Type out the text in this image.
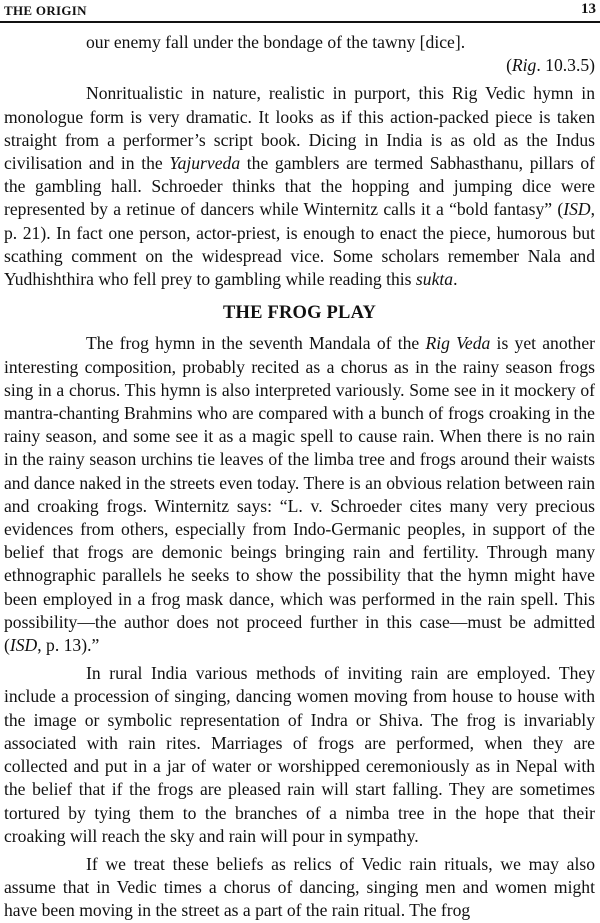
THE ORIGIN	13

our enemy fall under the bondage of the tawny [dice].

(Rig. 10.3.5)

Nonritualistic in nature, realistic in purport, this Rig Vedic hymn in monologue form is very dramatic. It looks as if this action-packed piece is taken straight from a performer’s script book. Dicing in India is as old as the Indus civilisation and in the Yajurveda the gamblers are termed Sabhasthanu, pillars of the gambling hall. Schroeder thinks that the hopping and jumping dice were represented by a retinue of dancers while Winternitz calls it a “bold fantasy” (ISD, p. 21). In fact one person, actor-priest, is enough to enact the piece, humorous but scathing comment on the widespread vice. Some scholars remember Nala and Yudhishthira who fell prey to gambling while reading this sukta.

THE FROG PLAY

The frog hymn in the seventh Mandala of the Rig Veda is yet another interesting composition, probably recited as a chorus as in the rainy season frogs sing in a chorus. This hymn is also interpreted variously. Some see in it mockery of mantra-chanting Brahmins who are compared with a bunch of frogs croaking in the rainy season, and some see it as a magic spell to cause rain. When there is no rain in the rainy season urchins tie leaves of the limba tree and frogs around their waists and dance naked in the streets even today. There is an obvious relation between rain and croaking frogs. Winternitz says: “L. v. Schroeder cites many very precious evidences from others, especially from Indo-Germanic peoples, in support of the belief that frogs are demonic beings bringing rain and fertility. Through many ethnographic parallels he seeks to show the possibility that the hymn might have been employed in a frog mask dance, which was performed in the rain spell. This possibility—the author does not proceed further in this case—must be admitted (ISD, p. 13).”

In rural India various methods of inviting rain are employed. They include a procession of singing, dancing women moving from house to house with the image or symbolic representation of Indra or Shiva. The frog is invariably associated with rain rites. Marriages of frogs are performed, when they are collected and put in a jar of water or worshipped ceremoniously as in Nepal with the belief that if the frogs are pleased rain will start falling. They are sometimes tortured by tying them to the branches of a nimba tree in the hope that their croaking will reach the sky and rain will pour in sympathy.

If we treat these beliefs as relics of Vedic rain rituals, we may also assume that in Vedic times a chorus of dancing, singing men and women might have been moving in the street as a part of the rain ritual. The frog
